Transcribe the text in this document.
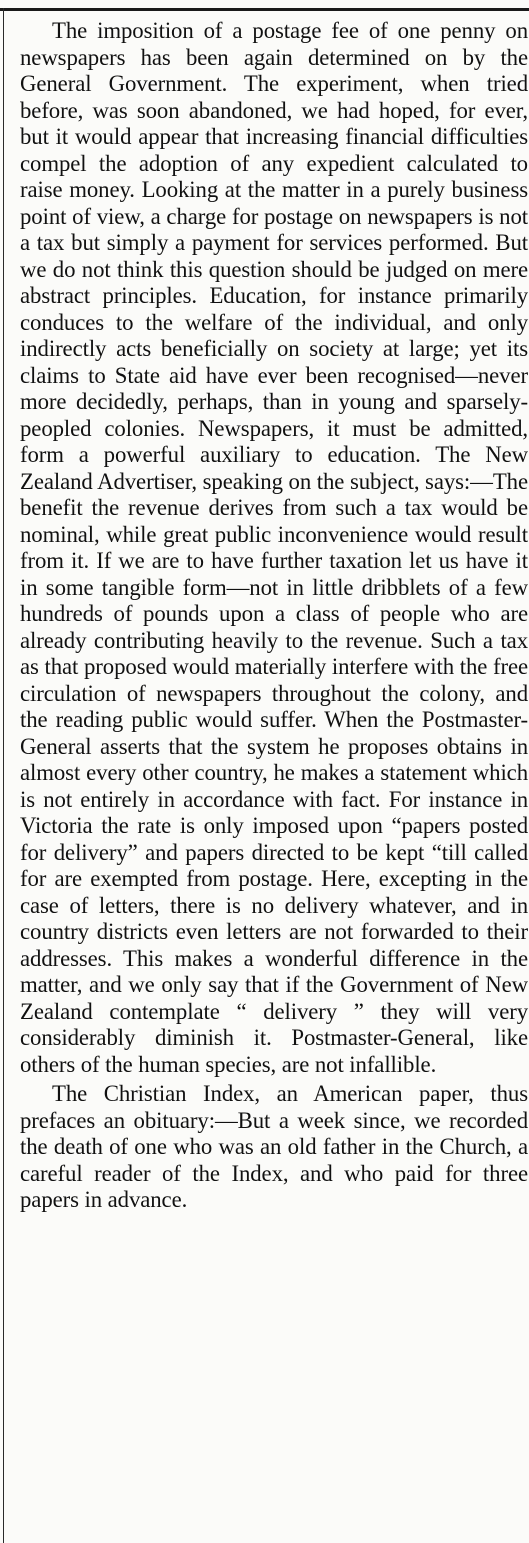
The imposition of a postage fee of one penny on newspapers has been again determined on by the General Government. The experiment, when tried before, was soon abandoned, we had hoped, for ever, but it would appear that increasing financial difficulties compel the adoption of any expedient calculated to raise money. Looking at the matter in a purely business point of view, a charge for postage on newspapers is not a tax but simply a payment for services performed. But we do not think this question should be judged on mere abstract principles. Education, for instance primarily conduces to the welfare of the individual, and only indirectly acts beneficially on society at large; yet its claims to State aid have ever been recognised—never more decidedly, perhaps, than in young and sparsely-peopled colonies. Newspapers, it must be admitted, form a powerful auxiliary to education. The New Zealand Advertiser, speaking on the subject, says:—The benefit the revenue derives from such a tax would be nominal, while great public inconvenience would result from it. If we are to have further taxation let us have it in some tangible form—not in little dribblets of a few hundreds of pounds upon a class of people who are already contributing heavily to the revenue. Such a tax as that proposed would materially interfere with the free circulation of newspapers throughout the colony, and the reading public would suffer. When the Postmaster-General asserts that the system he proposes obtains in almost every other country, he makes a statement which is not entirely in accordance with fact. For instance in Victoria the rate is only imposed upon “papers posted for delivery” and papers directed to be kept “till called for are exempted from postage. Here, excepting in the case of letters, there is no delivery whatever, and in country districts even letters are not forwarded to their addresses. This makes a wonderful difference in the matter, and we only say that if the Government of New Zealand contemplate “ delivery ” they will very considerably diminish it. Postmaster-General, like others of the human species, are not infallible.

The Christian Index, an American paper, thus prefaces an obituary:—But a week since, we recorded the death of one who was an old father in the Church, a careful reader of the Index, and who paid for three papers in advance.
